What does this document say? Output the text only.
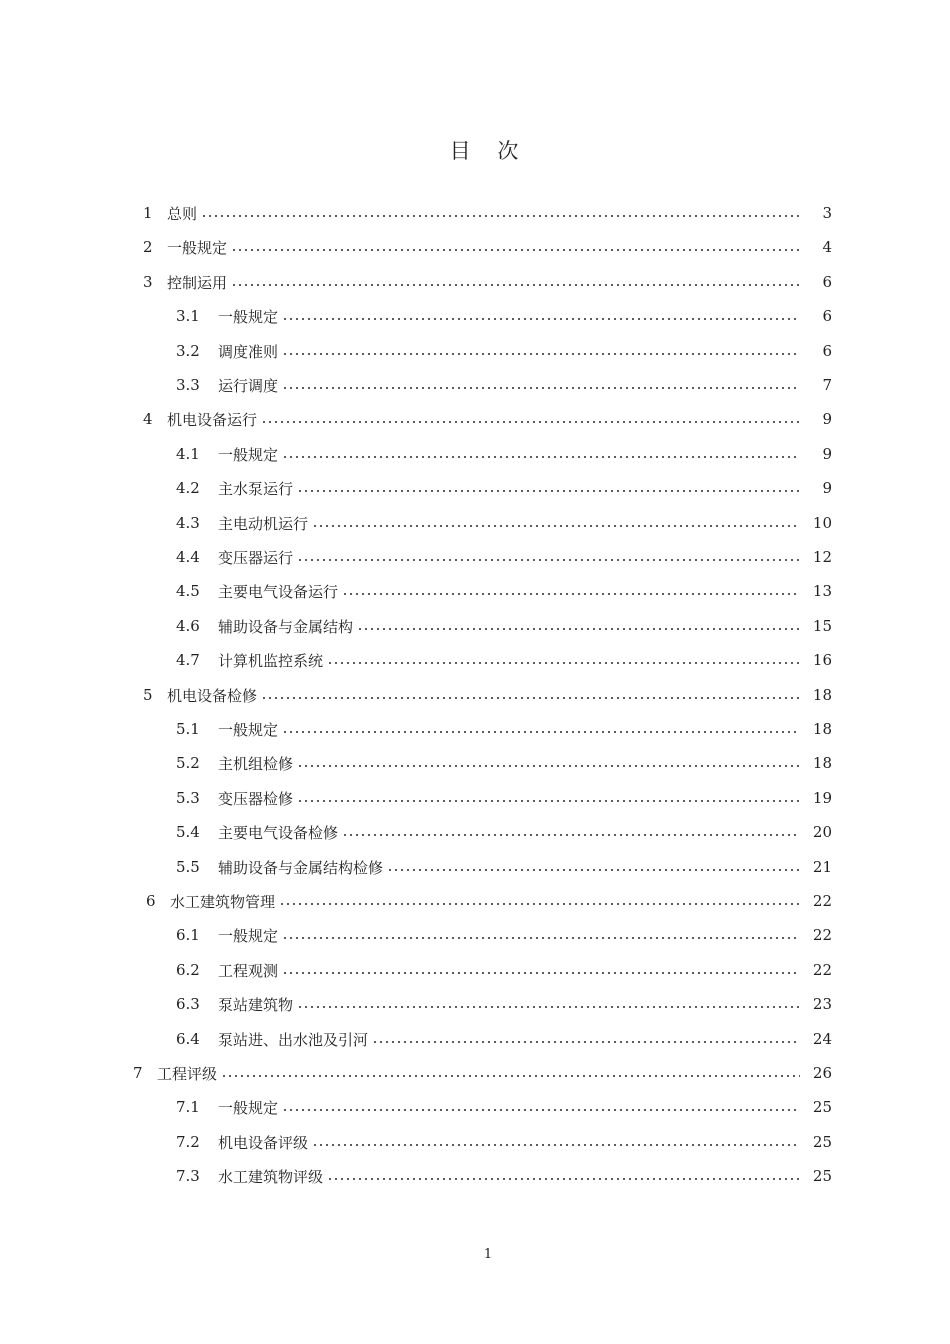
目 次
1 总则	3
2 一般规定	4
3 控制运用	6
3.1	一般规定	6
3.2	调度准则	6
3.3	运行调度	7
4 机电设备运行	9
4.1	一般规定	9
4.2	主水泵运行	9
4.3	主电动机运行	10
4.4	变压器运行	12
4.5	主要电气设备运行	13
4.6	辅助设备与金属结构	15
4.7	计算机监控系统	16
5 机电设备检修	18
5.1	一般规定	18
5.2	主机组检修	18
5.3	变压器检修	19
5.4	主要电气设备检修	20
5.5	辅助设备与金属结构检修	21
6 水工建筑物管理	22
6.1	一般规定	22
6.2	工程观测	22
6.3	泵站建筑物	23
6.4	泵站进、出水池及引河	24
7 工程评级	26
7.1	一般规定	25
7.2	机电设备评级	25
7.3	水工建筑物评级	25
1
